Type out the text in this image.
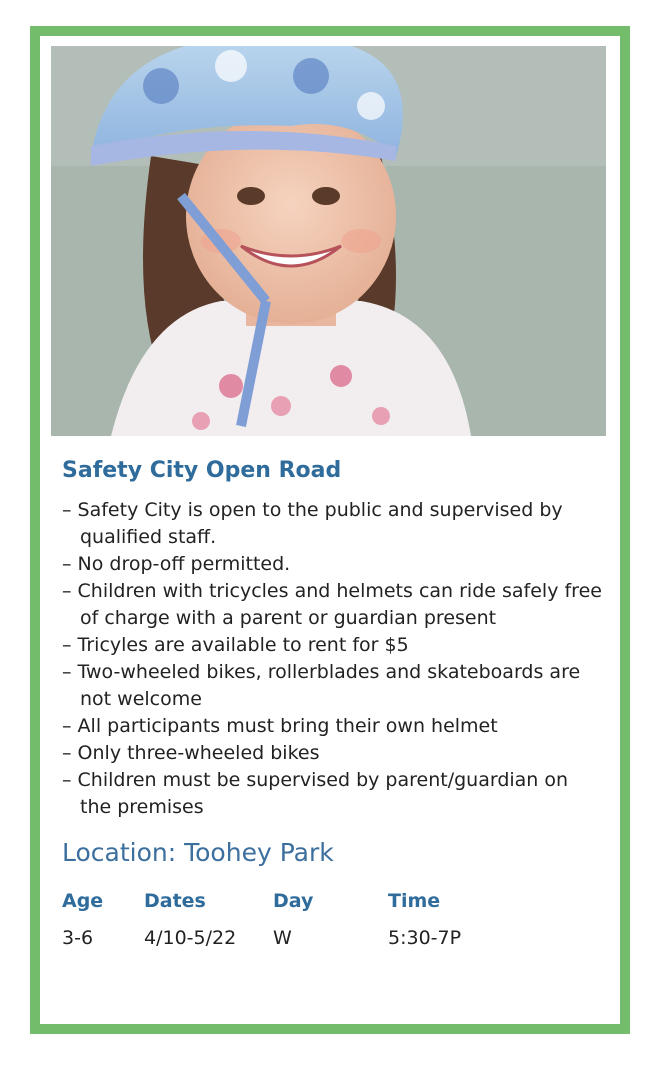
Safety City Open Road
– Safety City is open to the public and supervised by qualified staff.
– No drop-off permitted.
– Children with tricycles and helmets can ride safely free of charge with a parent or guardian present
– Tricyles are available to rent for $5
– Two-wheeled bikes, rollerblades and skateboards are not welcome
– All participants must bring their own helmet
– Only three-wheeled bikes
– Children must be supervised by parent/guardian on the premises
Location: Toohey Park
Age Dates	Day	Time
3-6	4/10-5/22 W	5:30-7P
